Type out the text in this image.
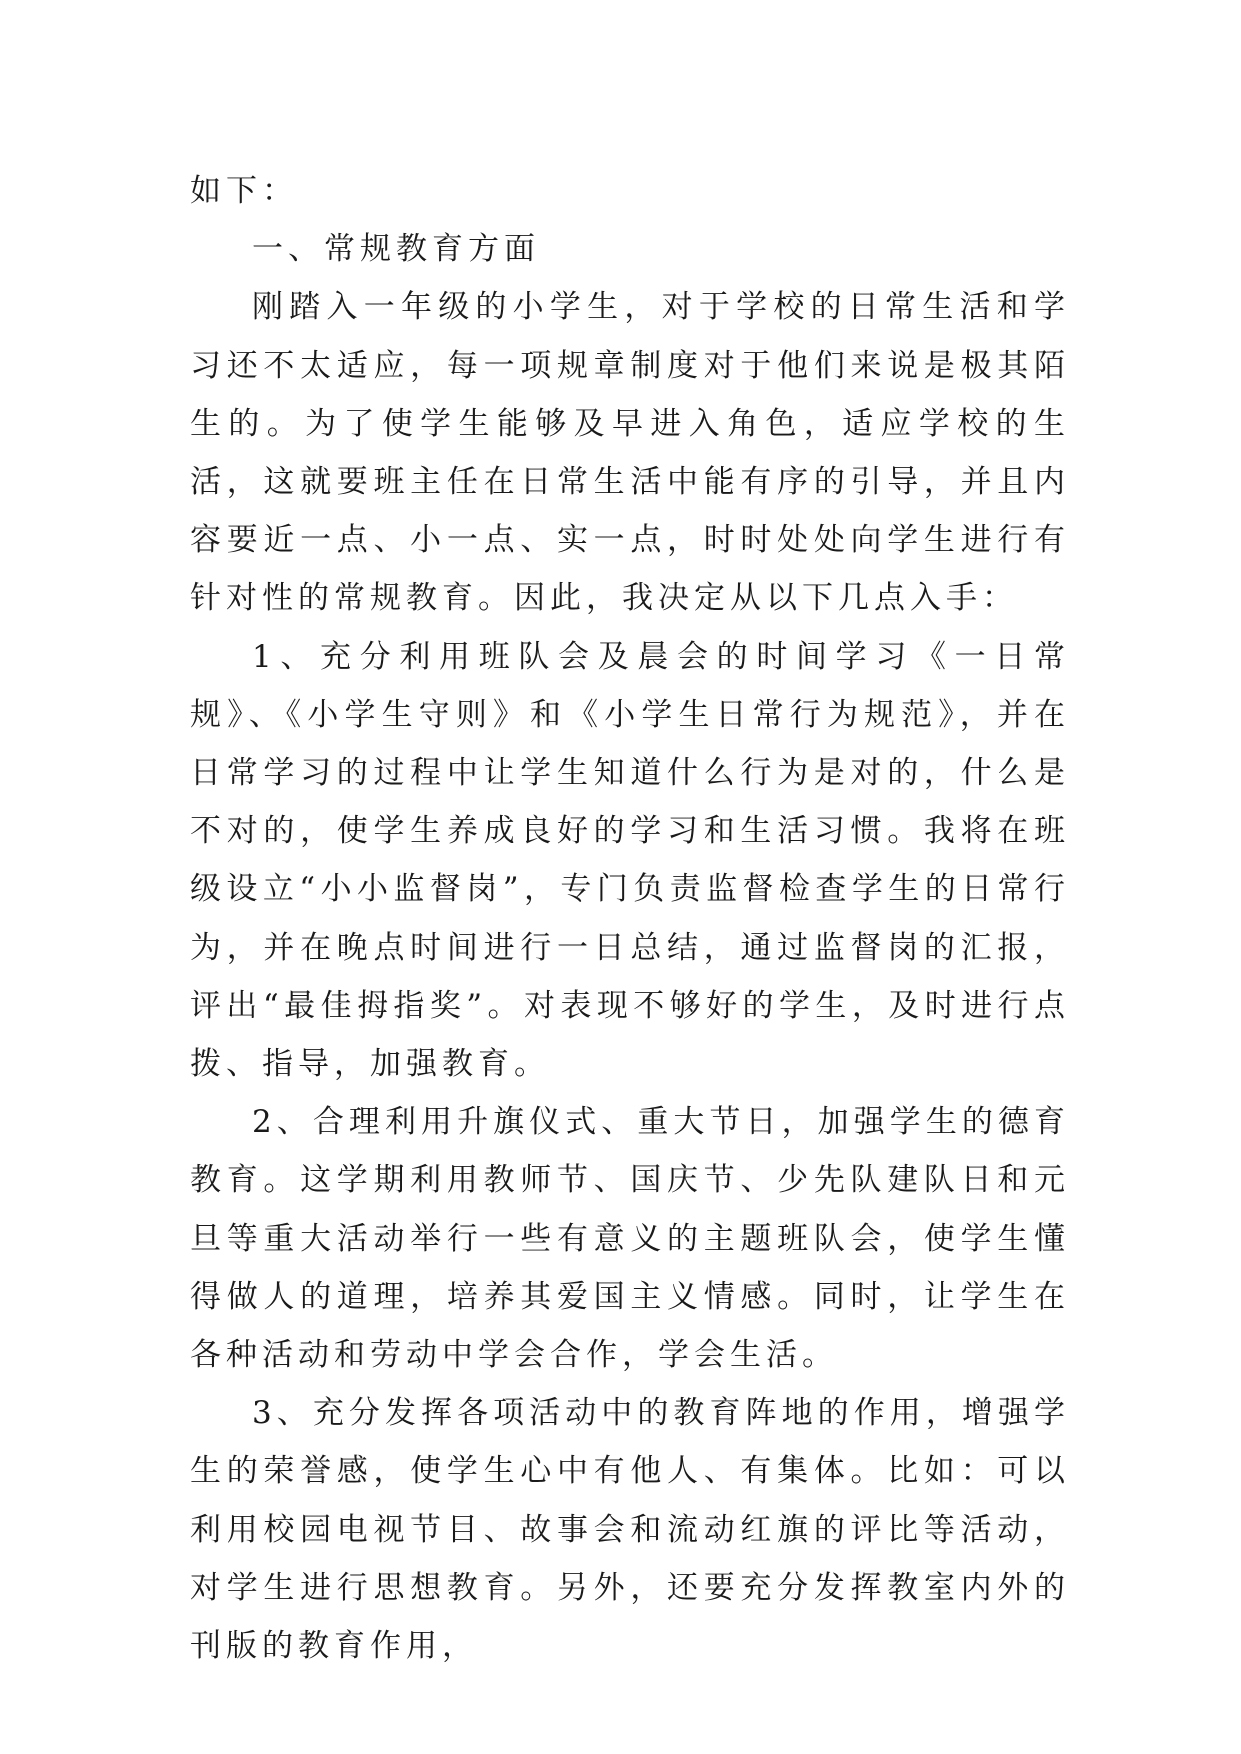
如下：

一、常规教育方面

刚踏入一年级的小学生，对于学校的日常生活和学习还不太适应，每一项规章制度对于他们来说是极其陌生的。为了使学生能够及早进入角色，适应学校的生活，这就要班主任在日常生活中能有序的引导，并且内容要近一点、小一点、实一点，时时处处向学生进行有针对性的常规教育。因此，我决定从以下几点入手：

1、充分利用班队会及晨会的时间学习《一日常规》、《小学生守则》和《小学生日常行为规范》，并在日常学习的过程中让学生知道什么行为是对的，什么是不对的，使学生养成良好的学习和生活习惯。我将在班级设立“小小监督岗”，专门负责监督检查学生的日常行为，并在晚点时间进行一日总结，通过监督岗的汇报，评出“最佳拇指奖”。对表现不够好的学生，及时进行点拨、指导，加强教育。

2、合理利用升旗仪式、重大节日，加强学生的德育教育。这学期利用教师节、国庆节、少先队建队日和元旦等重大活动举行一些有意义的主题班队会，使学生懂得做人的道理，培养其爱国主义情感。同时，让学生在各种活动和劳动中学会合作，学会生活。

3、充分发挥各项活动中的教育阵地的作用，增强学生的荣誉感，使学生心中有他人、有集体。比如：可以利用校园电视节目、故事会和流动红旗的评比等活动，对学生进行思想教育。另外，还要充分发挥教室内外的刊版的教育作用，
